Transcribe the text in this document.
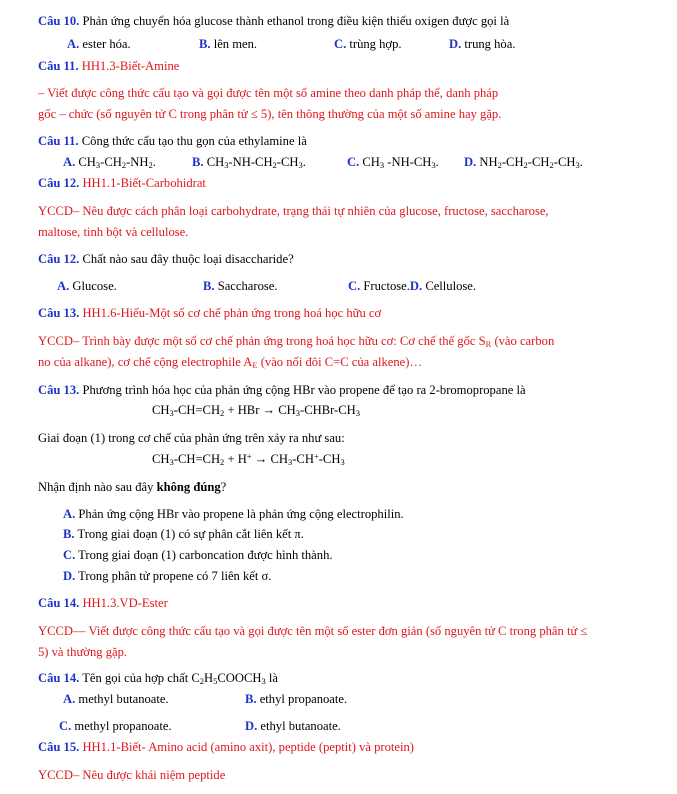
Câu 10. Phản ứng chuyển hóa glucose thành ethanol trong điều kiện thiếu oxigen được gọi là
A. ester hóa.	B. lên men.	C. trùng hợp.	D. trung hòa.
Câu 11. HH1.3-Biết-Amine
– Viết được công thức cấu tạo và gọi được tên một số amine theo danh pháp thế, danh pháp
gốc – chức (số nguyên tử C trong phân tử ≤ 5), tên thông thường của một số amine hay gặp.
Câu 11. Công thức cấu tạo thu gọn của ethylamine là
A. $CH_3-CH_2-NH_2$.	B. $CH_3-NH-CH_2-CH_3$.	C. $CH_3$ $-NH-CH_3$. D. $NH_2-CH_2-CH_2-CH_3$.
Câu 12. HH1.1-Biết-Carbohidrat
YCCD– Nêu được cách phân loại carbohydrate, trạng thái tự nhiên của glucose, fructose, saccharose,
maltose, tinh bột và cellulose.
Câu 12. Chất nào sau đây thuộc loại disaccharide?
A. Glucose.	B. Saccharose.	C. Fructose.D. Cellulose.
Câu 13. HH1.6-Hiểu-Một số cơ chế phản ứng trong hoá học hữu cơ
YCCD– Trình bày được một số cơ chế phản ứng trong hoá học hữu cơ: Cơ chế thế gốc $S_R$ (vào carbon
no của alkane), cơ chế cộng electrophile $A_E$ (vào nối đôi C=C của alkene)…
Câu 13. Phương trình hóa học của phản ứng cộng HBr vào propene để tạo ra 2-bromopropane là
$CH_3-CH=CH_2$ + HBr → $CH_3-CHBr-CH_3$
Giai đoạn (1) trong cơ chế của phản ứng trên xảy ra như sau:
$CH_3-CH=CH_2 + H^+ \to CH_3-CH^+-CH_3$
Nhận định nào sau đây không đúng?
A. Phản ứng cộng HBr vào propene là phản ứng cộng electrophilin.
B. Trong giai đoạn (1) có sự phân cắt liên kết π.
C. Trong giai đoạn (1) carboncation được hình thành.
D. Trong phân tử propene có 7 liên kết σ.
Câu 14. HH1.3.VD-Ester
YCCD— Viết được công thức cấu tạo và gọi được tên một số ester đơn giản (số nguyên tử C trong phân tử ≤
5) và thường gặp.
Câu 14. Tên gọi của hợp chất $C_2H_5COOCH_3$ là
A. methyl butanoate.	B. ethyl propanoate.
C. methyl propanoate.	D. ethyl butanoate.
Câu 15. HH1.1-Biết- Amino acid (amino axit), peptide (peptit) và protein)
YCCD– Nêu được khái niệm peptide
